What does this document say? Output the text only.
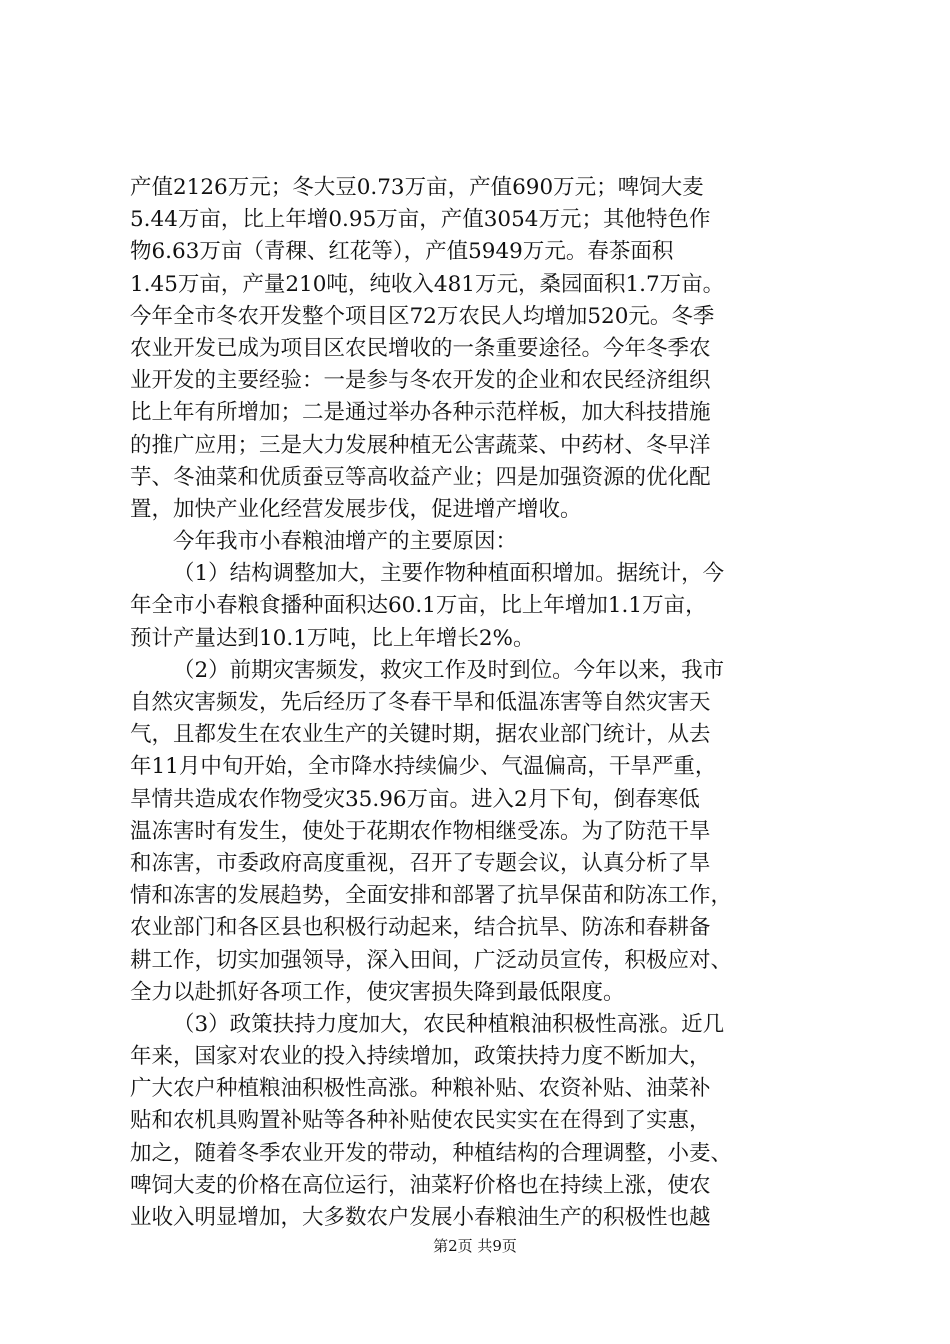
产值2126万元；冬大豆0.73万亩，产值690万元；啤饲大麦
5.44万亩，比上年增0.95万亩，产值3054万元；其他特色作
物6.63万亩（青稞、红花等），产值5949万元。春茶面积
1.45万亩，产量210吨，纯收入481万元，桑园面积1.7万亩。
今年全市冬农开发整个项目区72万农民人均增加520元。冬季
农业开发已成为项目区农民增收的一条重要途径。今年冬季农
业开发的主要经验：一是参与冬农开发的企业和农民经济组织
比上年有所增加；二是通过举办各种示范样板，加大科技措施
的推广应用；三是大力发展种植无公害蔬菜、中药材、冬早洋
芋、冬油菜和优质蚕豆等高收益产业；四是加强资源的优化配
置，加快产业化经营发展步伐，促进增产增收。
今年我市小春粮油增产的主要原因：
（1）结构调整加大，主要作物种植面积增加。据统计，今
年全市小春粮食播种面积达60.1万亩，比上年增加1.1万亩，
预计产量达到10.1万吨，比上年增长2%。
（2）前期灾害频发，救灾工作及时到位。今年以来，我市
自然灾害频发，先后经历了冬春干旱和低温冻害等自然灾害天
气，且都发生在农业生产的关键时期，据农业部门统计，从去
年11月中旬开始，全市降水持续偏少、气温偏高，干旱严重，
旱情共造成农作物受灾35.96万亩。进入2月下旬，倒春寒低
温冻害时有发生，使处于花期农作物相继受冻。为了防范干旱
和冻害，市委政府高度重视，召开了专题会议，认真分析了旱
情和冻害的发展趋势，全面安排和部署了抗旱保苗和防冻工作，
农业部门和各区县也积极行动起来，结合抗旱、防冻和春耕备
耕工作，切实加强领导，深入田间，广泛动员宣传，积极应对、
全力以赴抓好各项工作，使灾害损失降到最低限度。
（3）政策扶持力度加大，农民种植粮油积极性高涨。近几
年来，国家对农业的投入持续增加，政策扶持力度不断加大，
广大农户种植粮油积极性高涨。种粮补贴、农资补贴、油菜补
贴和农机具购置补贴等各种补贴使农民实实在在得到了实惠，
加之，随着冬季农业开发的带动，种植结构的合理调整，小麦、
啤饲大麦的价格在高位运行，油菜籽价格也在持续上涨，使农
业收入明显增加，大多数农户发展小春粮油生产的积极性也越
第2页 共9页
